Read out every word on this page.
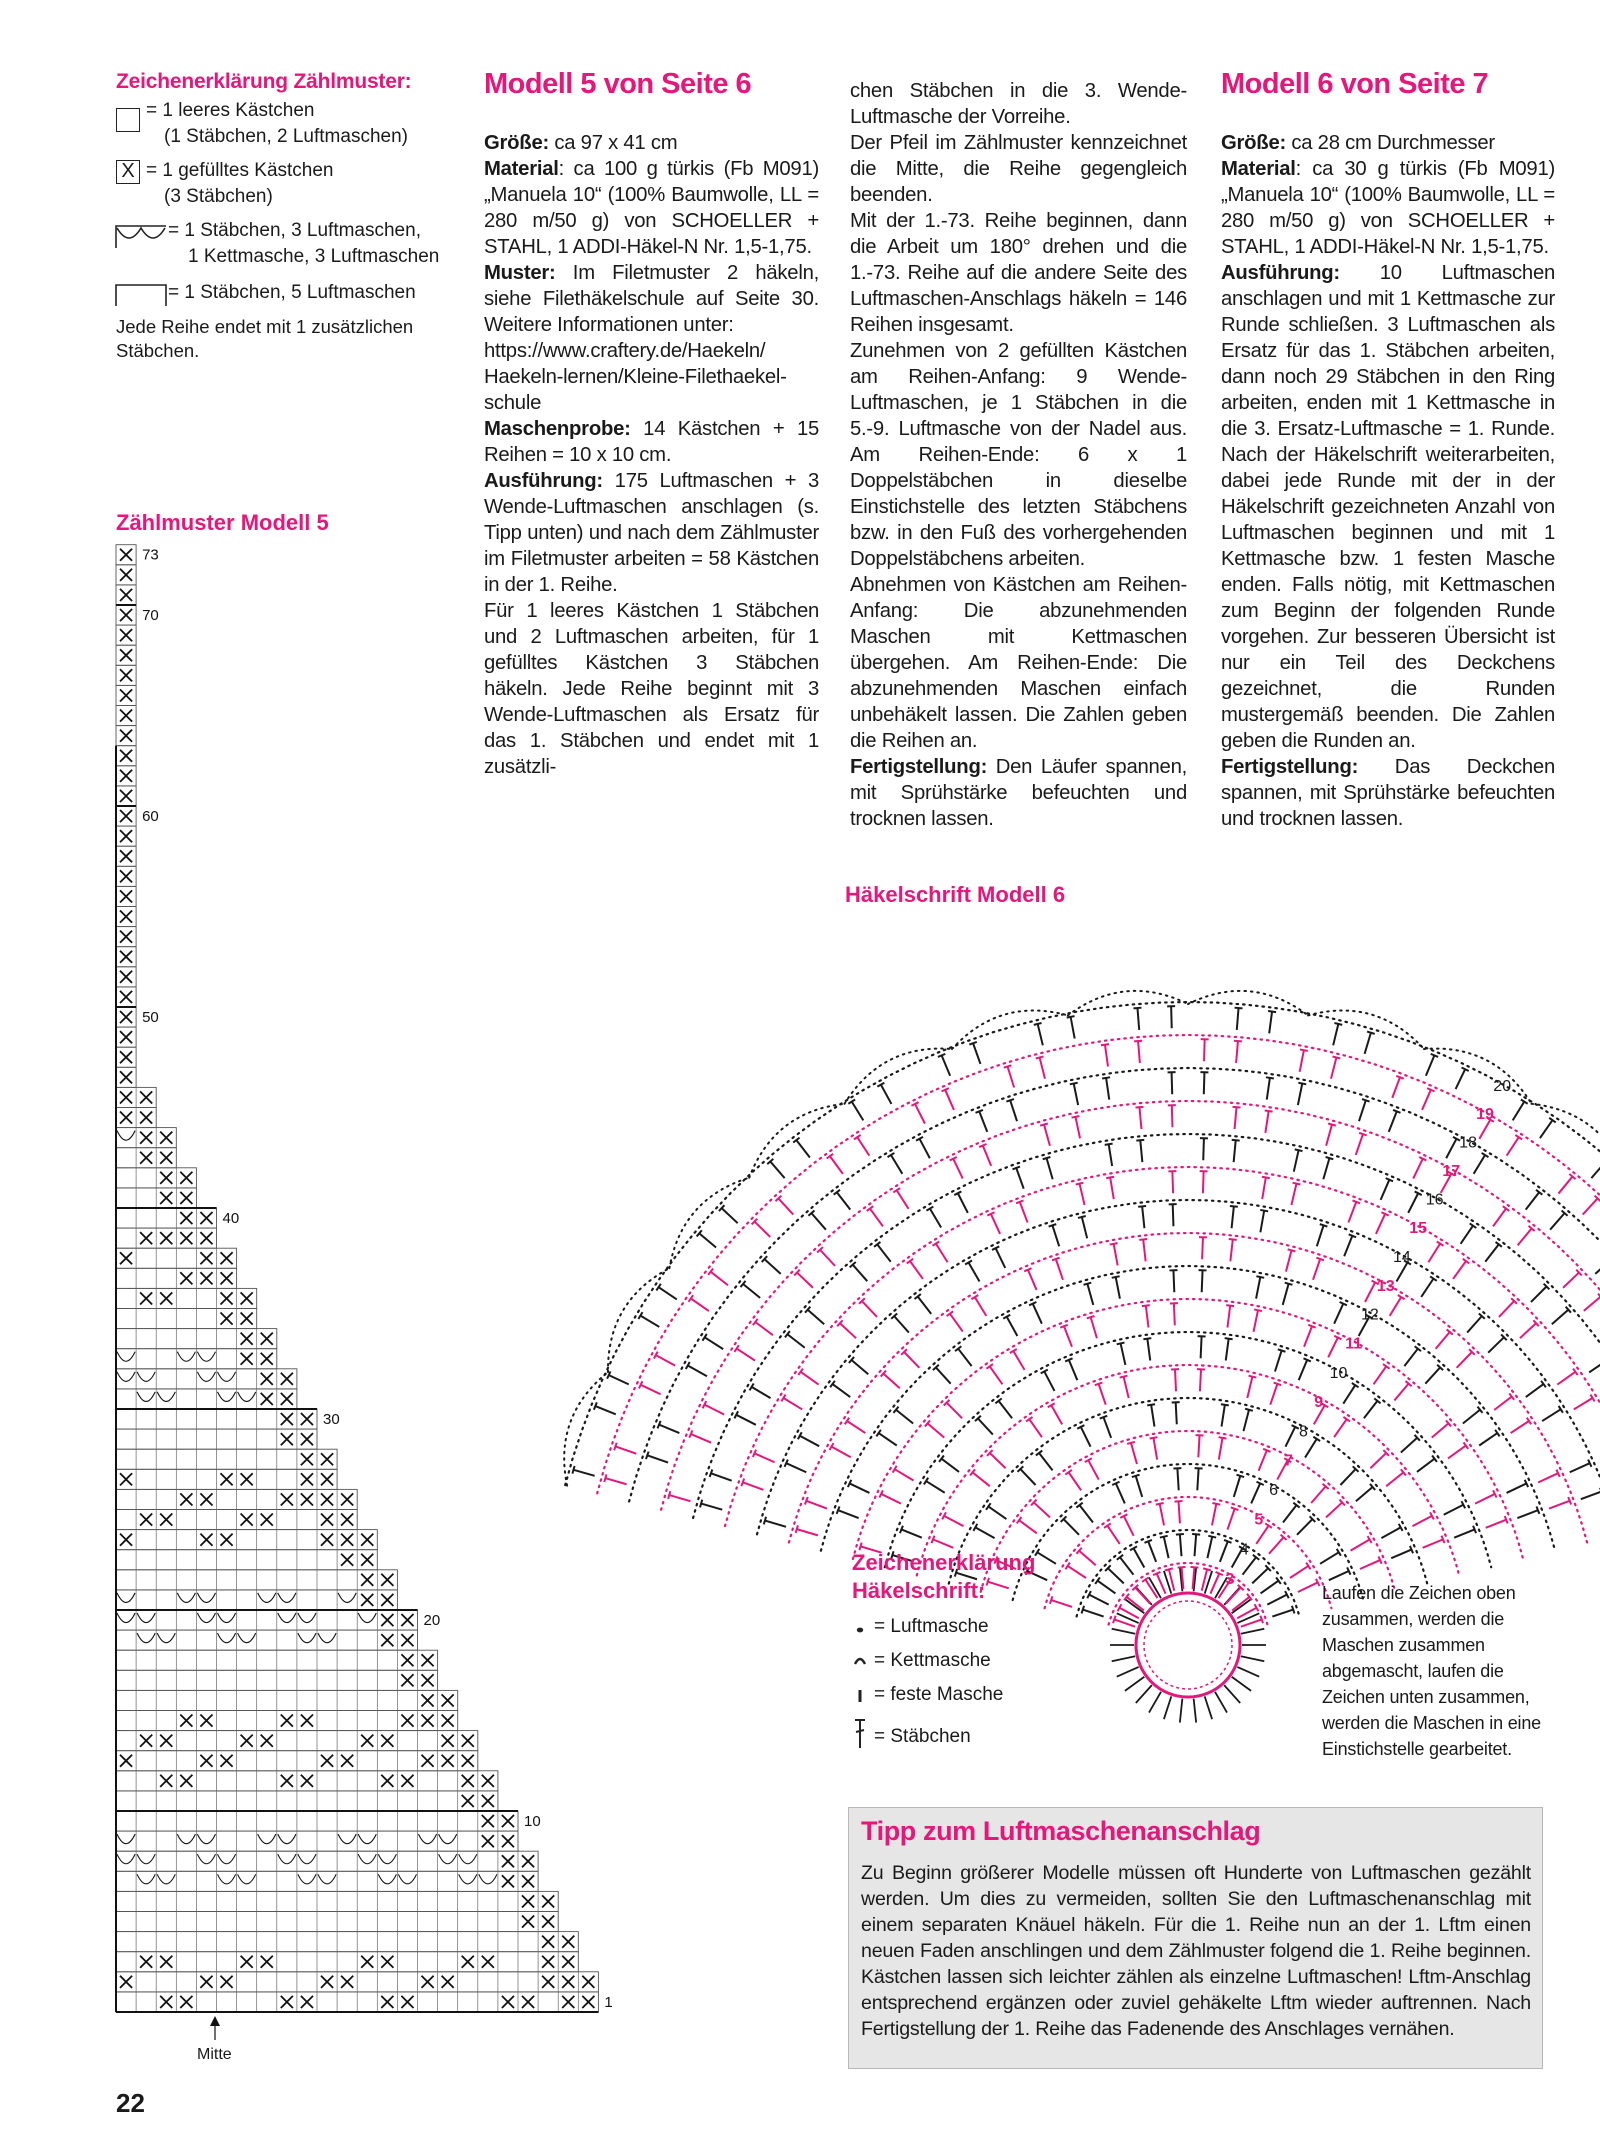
Zeichenerklärung Zählmuster:
= 1 leeres Kästchen
(1 Stäbchen, 2 Luftmaschen)
X = 1 gefülltes Kästchen
(3 Stäbchen)
= 1 Stäbchen, 3 Luftmaschen,
1 Kettmasche, 3 Luftmaschen
= 1 Stäbchen, 5 Luftmaschen
Jede Reihe endet mit 1 zusätzlichen
Stäbchen.
Zählmuster Modell 5
73
70
60
50
40
30
20
10
1
Mitte
Modell 5 von Seite 6

Größe: ca 97 x 41 cm

Material: ca 100 g türkis (Fb M091) „Manuela 10“ (100% Baumwolle, LL = 280 m/50 g) von SCHOELLER + STAHL, 1 ADDI-Häkel-N Nr. 1,5-1,75.

Muster: Im Filetmuster 2 häkeln, siehe Filethäkelschule auf Seite 30. Weitere Informationen unter:

https://www.craftery.de/Haekeln/
Haekeln-lernen/Kleine-Filethaekel-
schule

Maschenprobe: 14 Kästchen + 15 Reihen = 10 x 10 cm.

Ausführung: 175 Luftmaschen + 3 Wende-Luftmaschen anschlagen (s. Tipp unten) und nach dem Zählmuster im Filetmuster arbeiten = 58 Kästchen in der 1. Reihe.

Für 1 leeres Kästchen 1 Stäbchen und 2 Luftmaschen arbeiten, für 1 gefülltes Kästchen 3 Stäbchen häkeln. Jede Reihe beginnt mit 3 Wende-Luftmaschen als Ersatz für das 1. Stäbchen und endet mit 1 zusätzli-

chen Stäbchen in die 3. Wende-Luftmasche der Vorreihe.

Der Pfeil im Zählmuster kennzeichnet die Mitte, die Reihe gegengleich beenden.

Mit der 1.-73. Reihe beginnen, dann die Arbeit um 180° drehen und die 1.-73. Reihe auf die andere Seite des Luftmaschen-Anschlags häkeln = 146 Reihen insgesamt.

Zunehmen von 2 gefüllten Kästchen am Reihen-Anfang: 9 Wende-Luftmaschen, je 1 Stäbchen in die 5.-9. Luftmasche von der Nadel aus. Am Reihen-Ende: 6 x 1 Doppelstäbchen in dieselbe Einstichstelle des letzten Stäbchens bzw. in den Fuß des vorhergehenden Doppelstäbchens arbeiten.

Abnehmen von Kästchen am Reihen-Anfang: Die abzunehmenden Maschen mit Kettmaschen übergehen. Am Reihen-Ende: Die abzunehmenden Maschen einfach unbehäkelt lassen. Die Zahlen geben die Reihen an.

Fertigstellung: Den Läufer spannen, mit Sprühstärke befeuchten und trocknen lassen.

Modell 6 von Seite 7

Größe: ca 28 cm Durchmesser

Material: ca 30 g türkis (Fb M091) „Manuela 10“ (100% Baumwolle, LL = 280 m/50 g) von SCHOELLER + STAHL, 1 ADDI-Häkel-N Nr. 1,5-1,75.

Ausführung: 10 Luftmaschen anschlagen und mit 1 Kettmasche zur Runde schließen. 3 Luftmaschen als Ersatz für das 1. Stäbchen arbeiten, dann noch 29 Stäbchen in den Ring arbeiten, enden mit 1 Kettmasche in die 3. Ersatz-Luftmasche = 1. Runde. Nach der Häkelschrift weiterarbeiten, dabei jede Runde mit der in der Häkelschrift gezeichneten Anzahl von Luftmaschen beginnen und mit 1 Kettmasche bzw. 1 festen Masche enden. Falls nötig, mit Kettmaschen zum Beginn der folgenden Runde vorgehen. Zur besseren Übersicht ist nur ein Teil des Deckchens gezeichnet, die Runden mustergemäß beenden. Die Zahlen geben die Runden an.

Fertigstellung: Das Deckchen spannen, mit Sprühstärke befeuchten und trocknen lassen.

Häkelschrift Modell 6
3
4
5
6
7
8
9
10
11
12
13
14
15
16
17
18
19
20
Zeichenerklärung
Häkelschrift:
= Luftmasche
= Kettmasche
= feste Masche
= Stäbchen
Laufen die Zeichen oben zusammen, werden die Maschen zusammen abgemascht, laufen die Zeichen unten zusammen, werden die Maschen in eine Einstichstelle gearbeitet.
Tipp zum Luftmaschenanschlag
Zu Beginn größerer Modelle müssen oft Hunderte von Luftmaschen gezählt werden. Um dies zu vermeiden, sollten Sie den Luftmaschenanschlag mit einem separaten Knäuel häkeln. Für die 1. Reihe nun an der 1. Lftm einen neuen Faden anschlingen und dem Zählmuster folgend die 1. Reihe beginnen. Kästchen lassen sich leichter zählen als einzelne Luftmaschen! Lftm-Anschlag entsprechend ergänzen oder zuviel gehäkelte Lftm wieder auftrennen. Nach Fertigstellung der 1. Reihe das Fadenende des Anschlages vernähen.
22
